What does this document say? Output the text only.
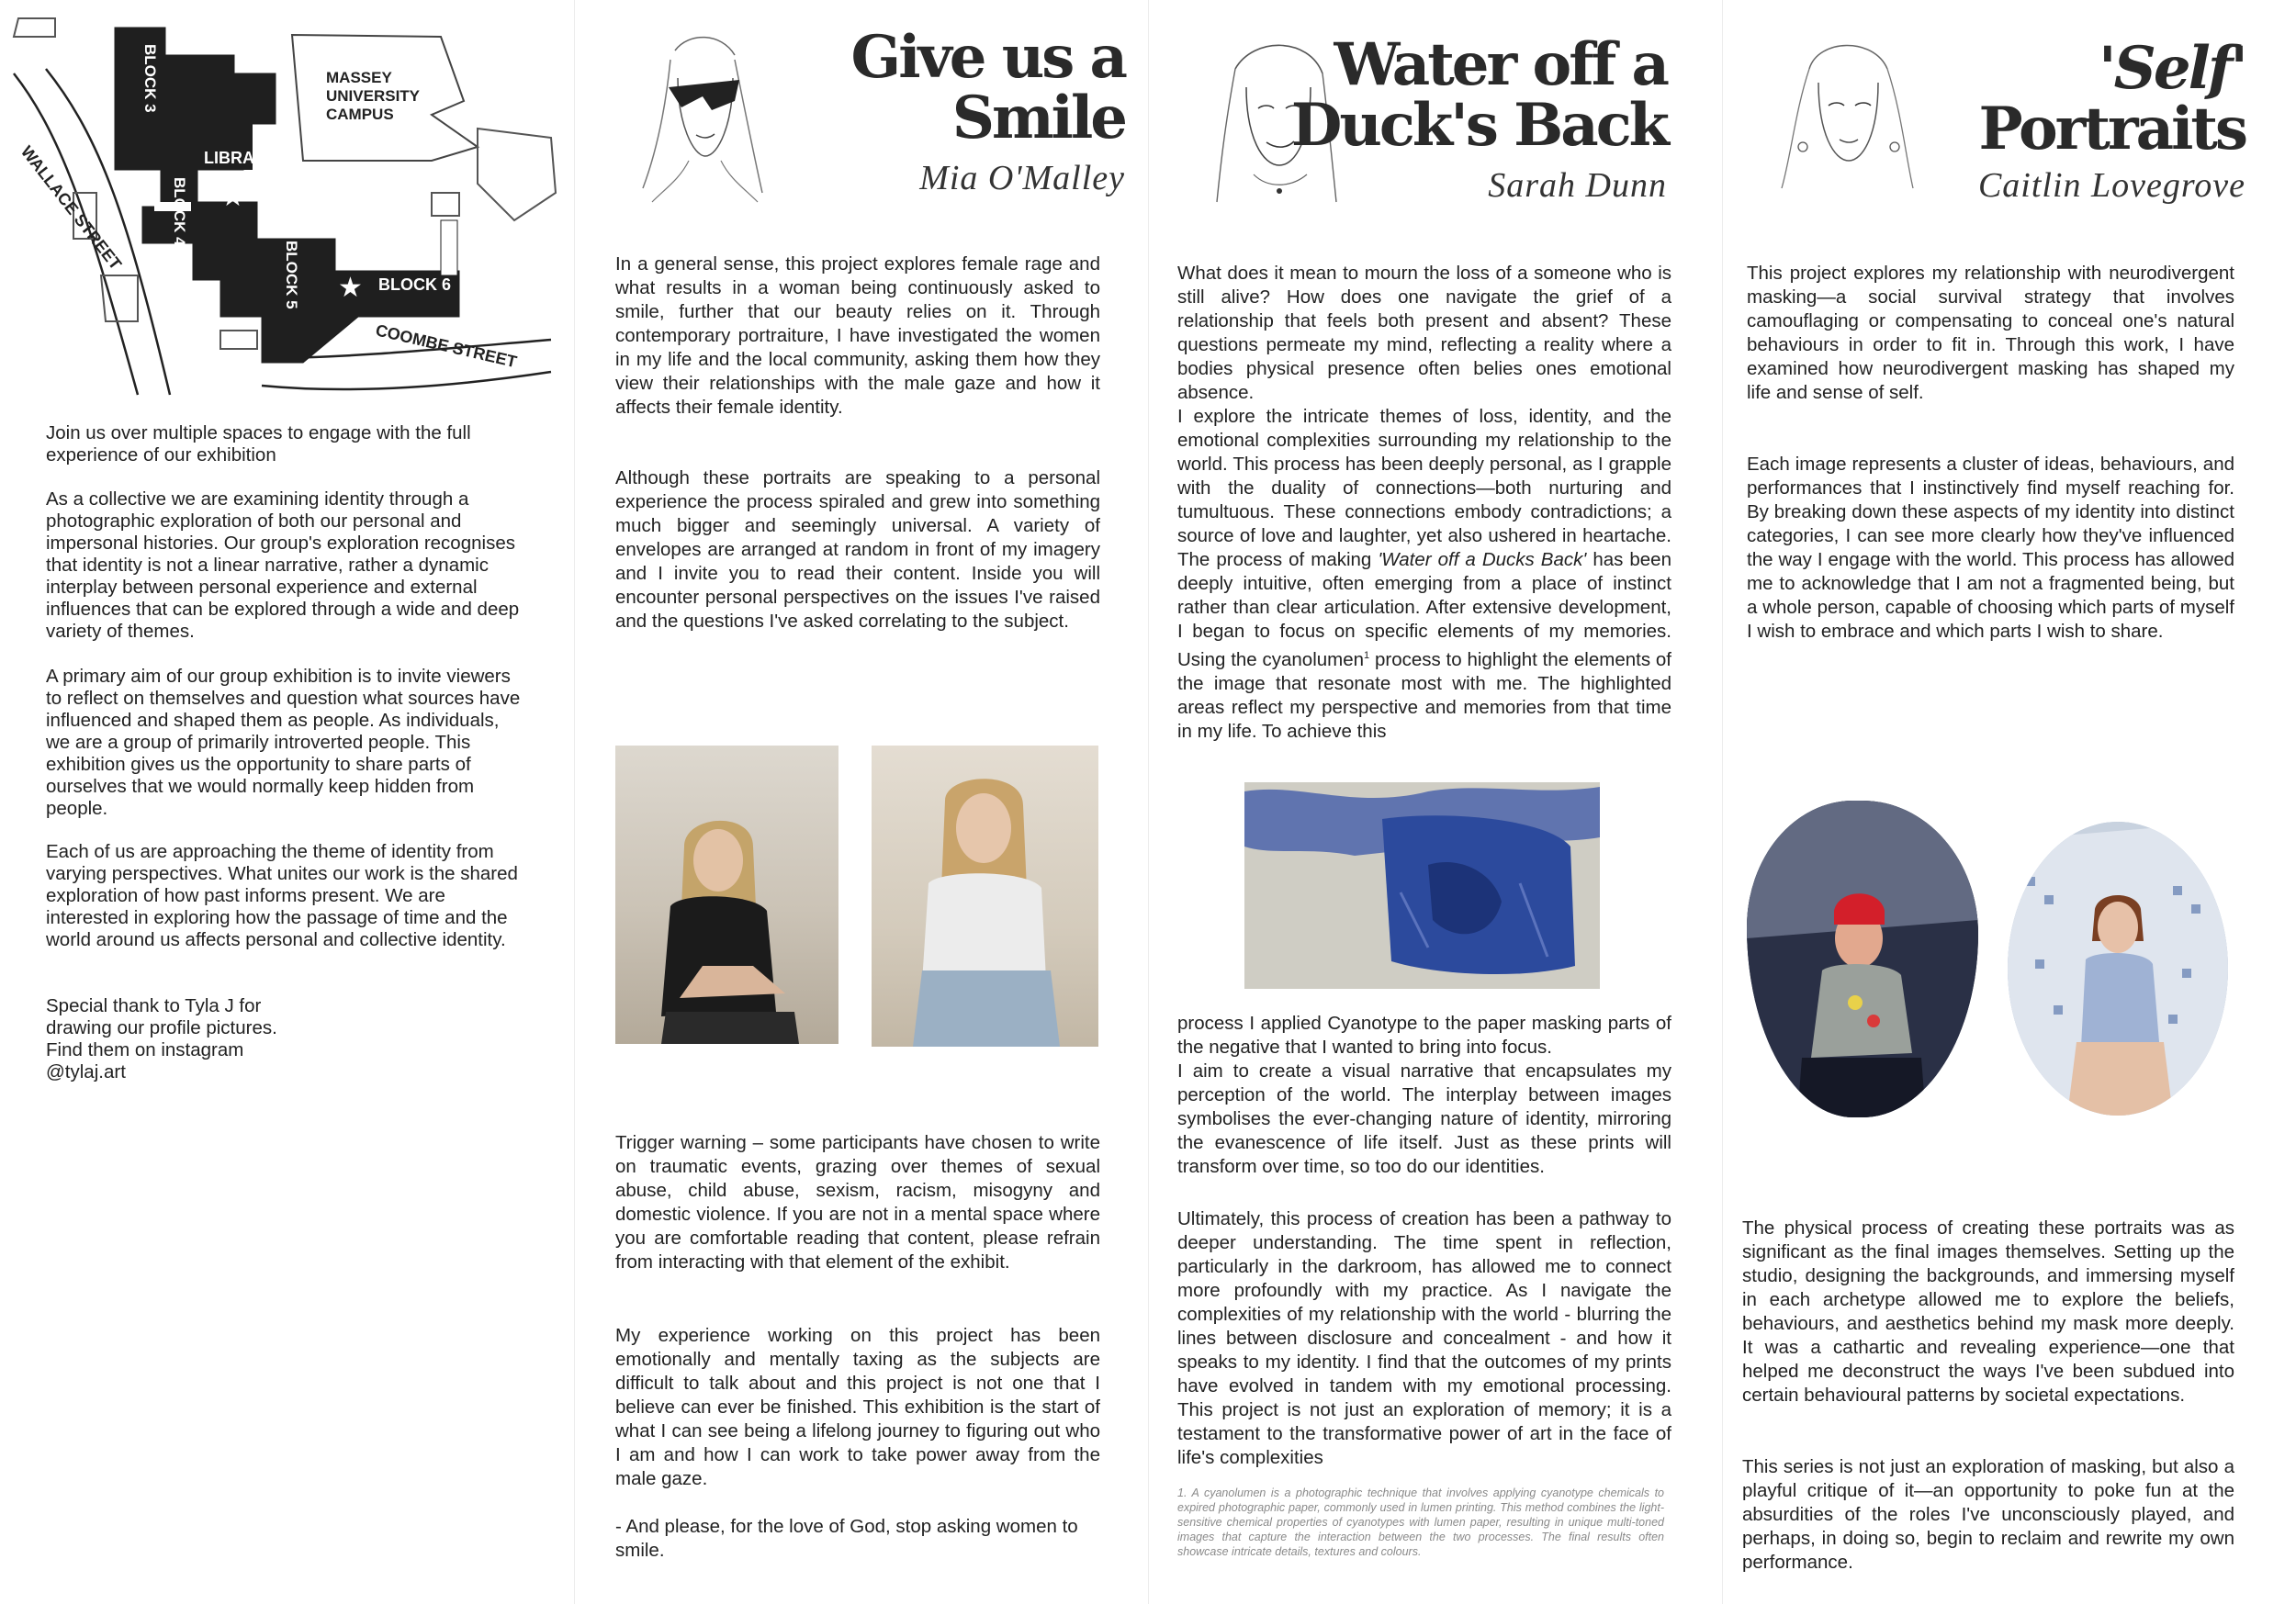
★
★
BLOCK 3
LIBRARY
BLOCK 4
BLOCK 5	BLOCK 6
MASSEY UNIVERSITY CAMPUS
WALLACE STREET
COOMBE STREET

Join us over multiple spaces to engage with the full experience of our exhibition

As a collective we are examining identity through a photographic exploration of both our personal and impersonal histories. Our group's exploration recognises that identity is not a linear narrative, rather a dynamic interplay between personal experience and external influences that can be explored through a wide and deep variety of themes.

A primary aim of our group exhibition is to invite viewers to reflect on themselves and question what sources have influenced and shaped them as people. As individuals, we are a group of primarily introverted people. This exhibition gives us the opportunity to share parts of ourselves that we would normally keep hidden from people.

Each of us are approaching the theme of identity from varying perspectives. What unites our work is the shared exploration of how past informs present. We are interested in exploring how the passage of time and the world around us affects personal and collective identity.

Special thank to Tyla J for drawing our profile pictures. Find them on instagram @tylaj.art

Give us a Smile
Mia O'Malley

In a general sense, this project explores female rage and what results in a woman being continuously asked to smile, further that our beauty relies on it. Through contemporary portraiture, I have investigated the women in my life and the local community, asking them how they view their relationships with the male gaze and how it affects their female identity.

Although these portraits are speaking to a personal experience the process spiraled and grew into something much bigger and seemingly universal. A variety of envelopes are arranged at random in front of my imagery and I invite you to read their content. Inside you will encounter personal perspectives on the issues I've raised and the questions I've asked correlating to the subject.

Trigger warning – some participants have chosen to write on traumatic events, grazing over themes of sexual abuse, child abuse, sexism, racism, misogyny and domestic violence. If you are not in a mental space where you are comfortable reading that content, please refrain from interacting with that element of the exhibit.

My experience working on this project has been emotionally and mentally taxing as the subjects are difficult to talk about and this project is not one that I believe can ever be finished. This exhibition is the start of what I can see being a lifelong journey to figuring out who I am and how I can work to take power away from the male gaze.

- And please, for the love of God, stop asking women to smile.

Water off a Duck's Back
Sarah Dunn

What does it mean to mourn the loss of a someone who is still alive? How does one navigate the grief of a relationship that feels both present and absent? These questions permeate my mind, reflecting a reality where a bodies physical presence often belies ones emotional absence.

I explore the intricate themes of loss, identity, and the emotional complexities surrounding my relationship to the world. This process has been deeply personal, as I grapple with the duality of connections—both nurturing and tumultuous. These connections embody contradictions; a source of love and laughter, yet also ushered in heartache. The process of making 'Water off a Ducks Back' has been deeply intuitive, often emerging from a place of instinct rather than clear articulation. After extensive development, I began to focus on specific elements of my memories. Using the cyanolumen$^1$ process to highlight the elements of the image that resonate most with me. The highlighted areas reflect my perspective and memories from that time in my life. To achieve this

process I applied Cyanotype to the paper masking parts of the negative that I wanted to bring into focus.

I aim to create a visual narrative that encapsulates my perception of the world. The interplay between images symbolises the ever-changing nature of identity, mirroring the evanescence of life itself. Just as these prints will transform over time, so too do our identities.

Ultimately, this process of creation has been a pathway to deeper understanding. The time spent in reflection, particularly in the darkroom, has allowed me to connect more profoundly with my practice. As I navigate the complexities of my relationship with the world - blurring the lines between disclosure and concealment - and how it speaks to my identity. I find that the outcomes of my prints have evolved in tandem with my emotional processing. This project is not just an exploration of memory; it is a testament to the transformative power of art in the face of life's complexities

1. A cyanolumen is a photographic technique that involves applying cyanotype chemicals to expired photographic paper, commonly used in lumen printing. This method combines the light-sensitive chemical properties of cyanotypes with lumen paper, resulting in unique multi-toned images that capture the interaction between the two processes. The final results often showcase intricate details, textures and colours.

'Self'
Portraits
Caitlin Lovegrove

This project explores my relationship with neurodivergent masking—a social survival strategy that involves camouflaging or compensating to conceal one's natural behaviours in order to fit in. Through this work, I have examined how neurodivergent masking has shaped my life and sense of self.

Each image represents a cluster of ideas, behaviours, and performances that I instinctively find myself reaching for. By breaking down these aspects of my identity into distinct categories, I can see more clearly how they've influenced the way I engage with the world. This process has allowed me to acknowledge that I am not a fragmented being, but a whole person, capable of choosing which parts of myself I wish to embrace and which parts I wish to share.

The physical process of creating these portraits was as significant as the final images themselves. Setting up the studio, designing the backgrounds, and immersing myself in each archetype allowed me to explore the beliefs, behaviours, and aesthetics behind my mask more deeply. It was a cathartic and revealing experience—one that helped me deconstruct the ways I've been subdued into certain behavioural patterns by societal expectations.

This series is not just an exploration of masking, but also a playful critique of it—an opportunity to poke fun at the absurdities of the roles I've unconsciously played, and perhaps, in doing so, begin to reclaim and rewrite my own performance.
